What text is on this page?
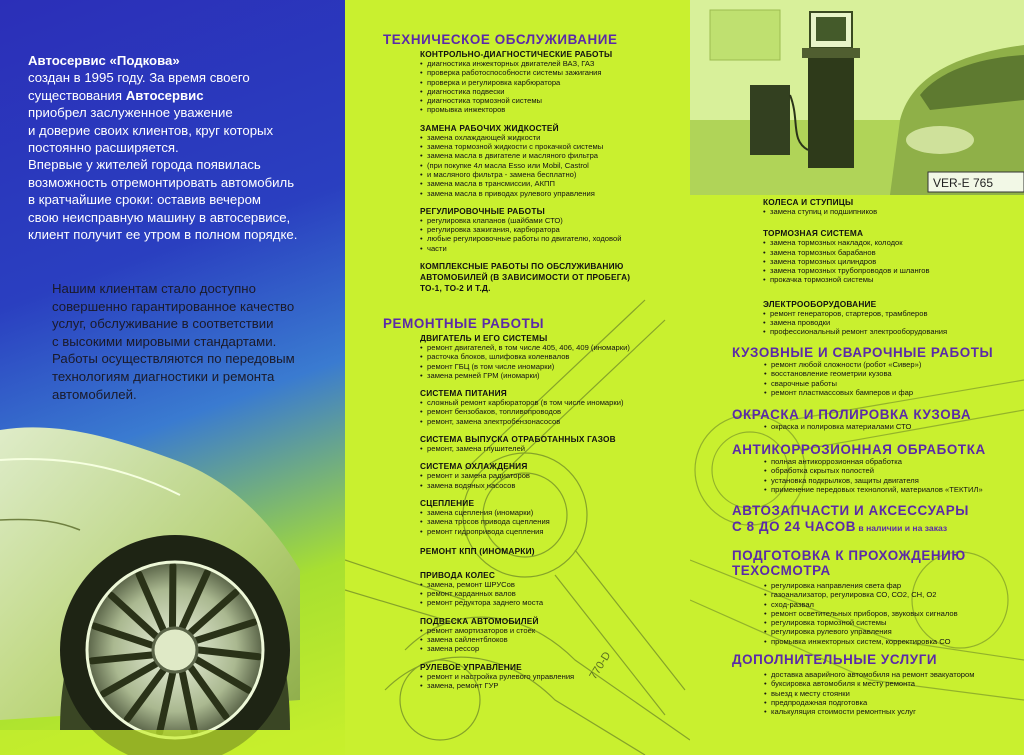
Автосервис «Подкова»
создан в 1995 году. За время своего
существования Автосервис
приобрел заслуженное уважение
и доверие своих клиентов, круг которых
постоянно расширяется.
Впервые у жителей города появилась
возможность отремонтировать автомобиль
в кратчайшие сроки: оставив вечером
свою неисправную машину в автосервисе,
клиент получит ее утром в полном порядке.
Нашим клиентам стало доступно
совершенно гарантированное качество
услуг, обслуживание в соответствии
с высокими мировыми стандартами.
Работы осуществляются по передовым
технологиям диагностики и ремонта
автомобилей.
770-D
ТЕХНИЧЕСКОЕ ОБСЛУЖИВАНИЕ
КОНТРОЛЬНО-ДИАГНОСТИЧЕСКИЕ РАБОТЫ
• диагностика инжекторных двигателей ВАЗ, ГАЗ
• проверка работоспособности системы зажигания
• проверка и регулировка карбюратора
• диагностика подвески
• диагностика тормозной системы
• промывка инжекторов
ЗАМЕНА РАБОЧИХ ЖИДКОСТЕЙ
• замена охлаждающей жидкости
• замена тормозной жидкости с прокачкой системы
• замена масла в двигателе и масляного фильтра
• (при покупке 4л масла Esso или Mobil, Castrol
• и масляного фильтра - замена бесплатно)
• замена масла в трансмиссии, АКПП
• замена масла в приводах рулевого управления
РЕГУЛИРОВОЧНЫЕ РАБОТЫ
• регулировка клапанов (шайбами СТО)
• регулировка зажигания, карбюратора
• любые регулировочные работы по двигателю, ходовой
• части
КОМПЛЕКСНЫЕ РАБОТЫ ПО ОБСЛУЖИВАНИЮ
АВТОМОБИЛЕЙ (В ЗАВИСИМОСТИ ОТ ПРОБЕГА)
ТО-1, ТО-2 И Т.Д.
РЕМОНТНЫЕ РАБОТЫ
ДВИГАТЕЛЬ И ЕГО СИСТЕМЫ
• ремонт двигателей, в том числе 405, 406, 409 (иномарки)
• расточка блоков, шлифовка коленвалов
• ремонт ГБЦ (в том числе иномарки)
• замена ремней ГРМ (иномарки)
СИСТЕМА ПИТАНИЯ
• сложный ремонт карбюраторов (в том числе иномарки)
• ремонт бензобаков, топливопроводов
• ремонт, замена электробензонасосов
СИСТЕМА ВЫПУСКА ОТРАБОТАННЫХ ГАЗОВ
• ремонт, замена глушителей
СИСТЕМА ОХЛАЖДЕНИЯ
• ремонт и замена радиаторов
• замена водяных насосов
СЦЕПЛЕНИЕ
• замена сцепления (иномарки)
• замена тросов привода сцепления
• ремонт гидропривода сцепления
РЕМОНТ КПП (ИНОМАРКИ)
ПРИВОДА КОЛЕС
• замена, ремонт ШРУСов
• ремонт карданных валов
• ремонт редуктора заднего моста
ПОДВЕСКА АВТОМОБИЛЕЙ
• ремонт амортизаторов и стоек
• замена сайлентблоков
• замена рессор
РУЛЕВОЕ УПРАВЛЕНИЕ
• ремонт и настройка рулевого управления
• замена, ремонт ГУР
VER-E 765
КОЛЕСА И СТУПИЦЫ
• замена ступиц и подшипников
ТОРМОЗНАЯ СИСТЕМА
• замена тормозных накладок, колодок
• замена тормозных барабанов
• замена тормозных цилиндров
• замена тормозных трубопроводов и шлангов
• прокачка тормозной системы
ЭЛЕКТРООБОРУДОВАНИЕ
• ремонт генераторов, стартеров, трамблеров
• замена проводки
• профессиональный ремонт электрооборудования
КУЗОВНЫЕ И СВАРОЧНЫЕ РАБОТЫ
• ремонт любой сложности (робот «Сивер»)
• восстановление геометрии кузова
• сварочные работы
• ремонт пластмассовых бамперов и фар
ОКРАСКА И ПОЛИРОВКА КУЗОВА
• окраска и полировка материалами СТО
АНТИКОРРОЗИОННАЯ ОБРАБОТКА
• полная антикоррозионная обработка
• обработка скрытых полостей
• установка подкрылков, защиты двигателя
• применение передовых технологий, материалов «ТЕКТИЛ»
АВТОЗАПЧАСТИ И АКСЕССУАРЫ
С 8 ДО 24 ЧАСОВ в наличии и на заказ
ПОДГОТОВКА К ПРОХОЖДЕНИЮ
ТЕХОСМОТРА
• регулировка направления света фар
• газоанализатор, регулировка СО, СО2, СН, О2
• сход-развал
• ремонт осветительных приборов, звуковых сигналов
• регулировка тормозной системы
• регулировка рулевого управления
• промывка инжекторных систем, корректировка СО
ДОПОЛНИТЕЛЬНЫЕ УСЛУГИ
• доставка аварийного автомобиля на ремонт эвакуатором
• буксировка автомобиля к месту ремонта
• выезд к месту стоянки
• предпродажная подготовка
• калькуляция стоимости ремонтных услуг
